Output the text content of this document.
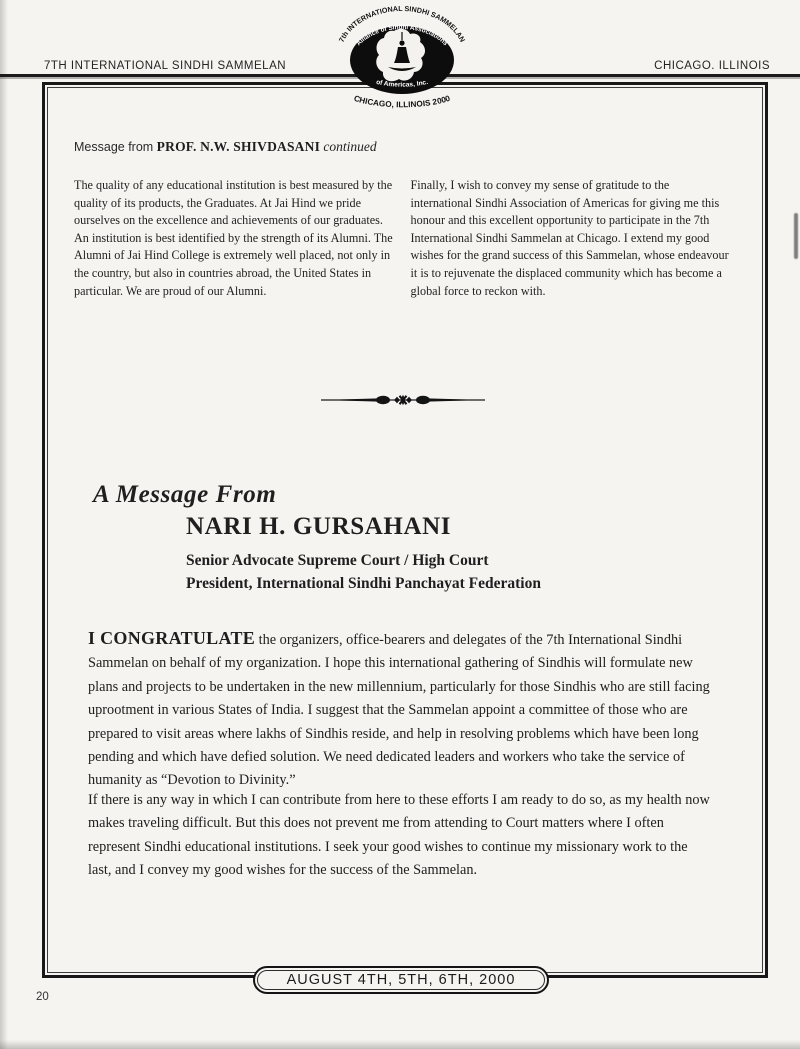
7TH INTERNATIONAL SINDHI SAMMELAN	CHICAGO. ILLINOIS
7th INTERNATIONAL SINDHI SAMMELAN
Alliance of Sindhi Associations
of Americas, Inc.
CHICAGO, ILLINOIS 2000
Message from PROF. N.W. SHIVDASANI continued
The quality of any educational institution is best measured by the quality of its products, the Graduates. At Jai Hind we pride ourselves on the excellence and achievements of our graduates. An institution is best identified by the strength of its Alumni. The Alumni of Jai Hind College is extremely well placed, not only in the country, but also in countries abroad, the United States in particular. We are proud of our Alumni.
Finally, I wish to convey my sense of gratitude to the international Sindhi Association of Americas for giving me this honour and this excellent opportunity to participate in the 7th International Sindhi Sammelan at Chicago. I extend my good wishes for the grand success of this Sammelan, whose endeavour it is to rejuvenate the displaced community which has become a global force to reckon with.
A Message From
NARI H. GURSAHANI
Senior Advocate Supreme Court / High Court
President, International Sindhi Panchayat Federation
I CONGRATULATE the organizers, office-bearers and delegates of the 7th International Sindhi Sammelan on behalf of my organization. I hope this international gathering of Sindhis will formulate new plans and projects to be undertaken in the new millennium, particularly for those Sindhis who are still facing uprootment in various States of India. I suggest that the Sammelan appoint a committee of those who are prepared to visit areas where lakhs of Sindhis reside, and help in resolving problems which have been long pending and which have defied solution. We need dedicated leaders and workers who take the service of humanity as “Devotion to Divinity.”
If there is any way in which I can contribute from here to these efforts I am ready to do so, as my health now makes traveling difficult. But this does not prevent me from attending to Court matters where I often represent Sindhi educational institutions. I seek your good wishes to continue my missionary work to the last, and I convey my good wishes for the success of the Sammelan.
AUGUST 4TH, 5TH, 6TH, 2000
20
